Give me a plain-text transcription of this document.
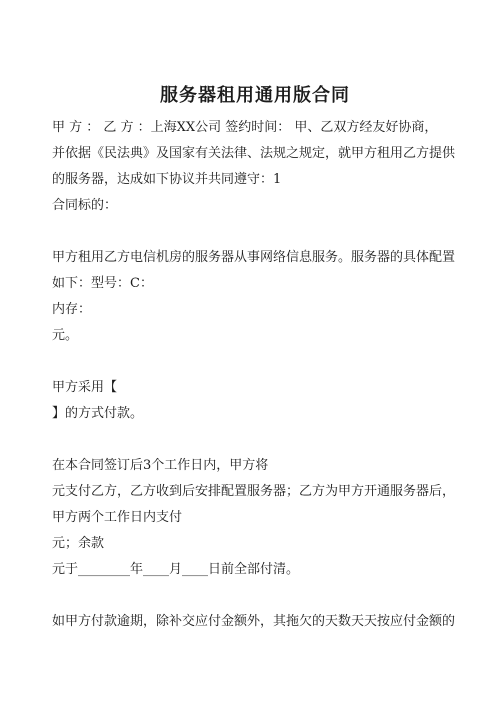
服务器租用通用版合同

甲 方 ： 乙 方 ：上海XX公司 签约时间： 甲、乙双方经友好协商，

并依据《民法典》及国家有关法律、法规之规定，就甲方租用乙方提供

的服务器，达成如下协议并共同遵守：1

合同标的：

甲方租用乙方电信机房的服务器从事网络信息服务。服务器的具体配置

如下：型号：C：

内存：

元。

甲方采用【

】的方式付款。

在本合同签订后3个工作日内，甲方将

元支付乙方，乙方收到后安排配置服务器；乙方为甲方开通服务器后，

甲方两个工作日内支付

元；余款

元于________年____月____日前全部付清。

如甲方付款逾期，除补交应付金额外，其拖欠的天数天天按应付金额的
